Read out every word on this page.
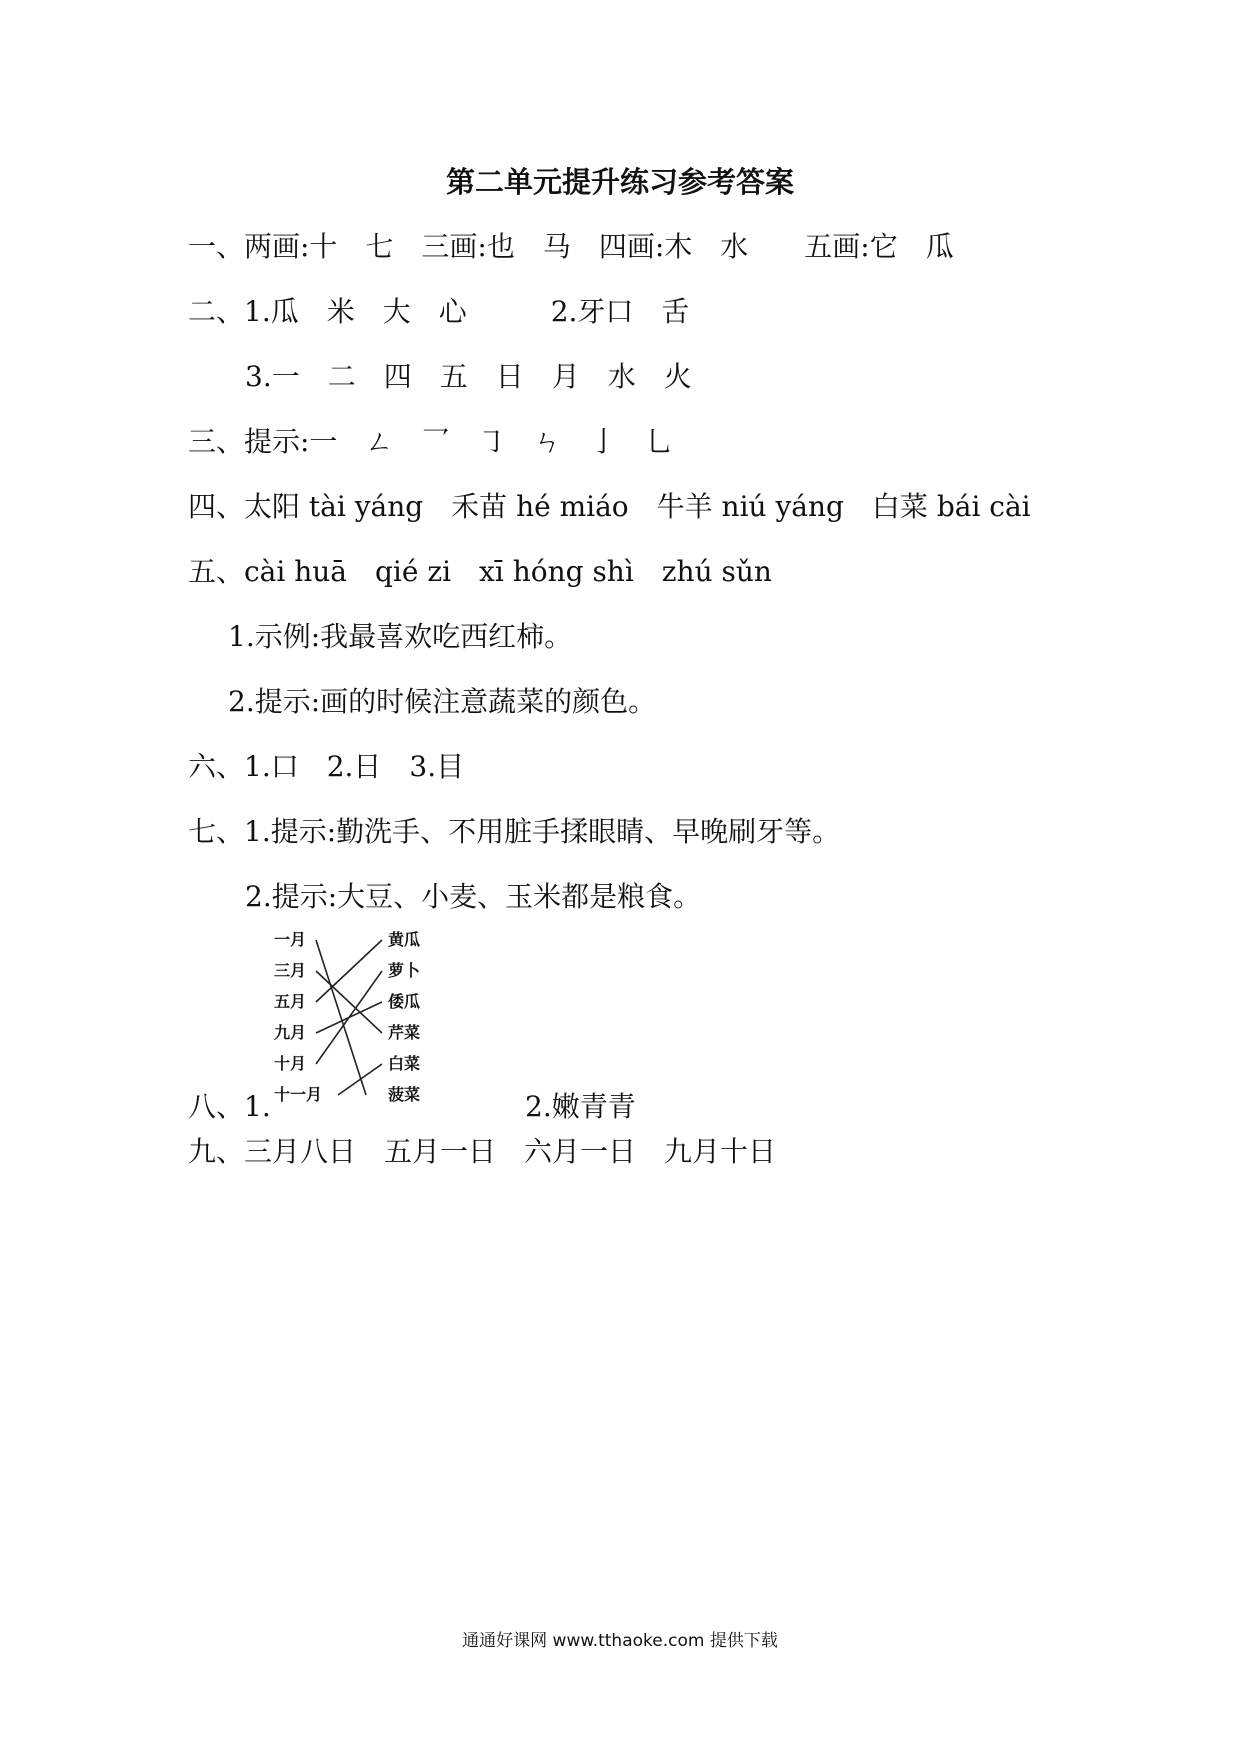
第二单元提升练习参考答案
一、两画:十　七　三画:也　马　四画:木　水　　五画:它　瓜
二、1.瓜　米　大　心　　　2.牙口　舌
3.一　二　四　五　日　月　水　火
三、提示:一　ㄥ　乛　㇆　ㄣ　亅　乚
四、太阳 tài yáng　禾苗 hé miáo　牛羊 niú yáng　白菜 bái cài
五、cài huā　qié zi　xī hóng shì　zhú sǔn
1.示例:我最喜欢吃西红柿。
2.提示:画的时候注意蔬菜的颜色。
六、1.口　2.日　3.目
七、1.提示:勤洗手、不用脏手揉眼睛、早晚刷牙等。
2.提示:大豆、小麦、玉米都是粮食。
八、1.	2.嫩青青
一月
三月
五月
九月
十月
十一月
黄瓜
萝卜
倭瓜
芹菜
白菜
菠菜
九、三月八日　五月一日　六月一日　九月十日
通通好课网 www.tthaoke.com 提供下载
